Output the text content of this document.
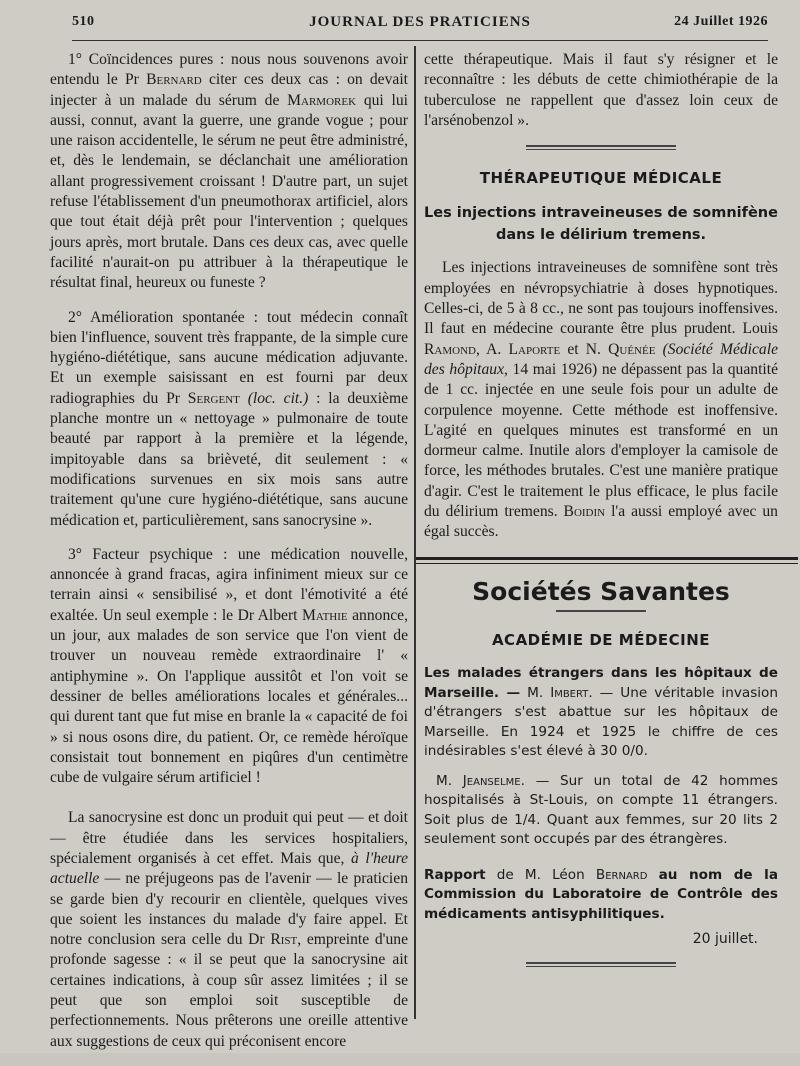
510	JOURNAL DES PRATICIENS	24 Juillet 1926

1° Coïncidences pures : nous nous souvenons avoir entendu le Pr Bernard citer ces deux cas : on devait injecter à un malade du sérum de Marmorek qui lui aussi, connut, avant la guerre, une grande vogue ; pour une raison accidentelle, le sérum ne peut être administré, et, dès le lendemain, se déclanchait une amélioration allant progressivement croissant ! D'autre part, un sujet refuse l'établissement d'un pneumothorax artificiel, alors que tout était déjà prêt pour l'intervention ; quelques jours après, mort brutale. Dans ces deux cas, avec quelle facilité n'aurait-on pu attribuer à la thérapeutique le résultat final, heureux ou funeste ?

2° Amélioration spontanée : tout médecin connaît bien l'influence, souvent très frappante, de la simple cure hygiéno-diététique, sans aucune médication adjuvante. Et un exemple saisissant en est fourni par deux radiographies du Pr Sergent (loc. cit.) : la deuxième planche montre un « nettoyage » pulmonaire de toute beauté par rapport à la première et la légende, impitoyable dans sa brièveté, dit seulement : « modifications survenues en six mois sans autre traitement qu'une cure hygiéno-diététique, sans aucune médication et, particulièrement, sans sanocrysine ».

3° Facteur psychique : une médication nouvelle, annoncée à grand fracas, agira infiniment mieux sur ce terrain ainsi « sensibilisé », et dont l'émotivité a été exaltée. Un seul exemple : le Dr Albert Mathie annonce, un jour, aux malades de son service que l'on vient de trouver un nouveau remède extraordinaire l' « antiphymine ». On l'applique aussitôt et l'on voit se dessiner de belles améliorations locales et générales... qui durent tant que fut mise en branle la « capacité de foi » si nous osons dire, du patient. Or, ce remède héroïque consistait tout bonnement en piqûres d'un centimètre cube de vulgaire sérum artificiel !

La sanocrysine est donc un produit qui peut — et doit — être étudiée dans les services hospitaliers, spécialement organisés à cet effet. Mais que, à l'heure actuelle — ne préjugeons pas de l'avenir — le praticien se garde bien d'y recourir en clientèle, quelques vives que soient les instances du malade d'y faire appel. Et notre conclusion sera celle du Dr Rist, empreinte d'une profonde sagesse : « il se peut que la sanocrysine ait certaines indications, à coup sûr assez limitées ; il se peut que son emploi soit susceptible de perfectionnements. Nous prêterons une oreille attentive aux suggestions de ceux qui préconisent encore

cette thérapeutique. Mais il faut s'y résigner et le reconnaître : les débuts de cette chimiothérapie de la tuberculose ne rappellent que d'assez loin ceux de l'arsénobenzol ».

THÉRAPEUTIQUE MÉDICALE
Les injections intraveineuses de somnifène dans le délirium tremens.

Les injections intraveineuses de somnifène sont très employées en névropsychiatrie à doses hypnotiques. Celles-ci, de 5 à 8 cc., ne sont pas toujours inoffensives. Il faut en médecine courante être plus prudent. Louis Ramond, A. Laporte et N. Quénée (Société Médicale des hôpitaux, 14 mai 1926) ne dépassent pas la quantité de 1 cc. injectée en une seule fois pour un adulte de corpulence moyenne. Cette méthode est inoffensive. L'agité en quelques minutes est transformé en un dormeur calme. Inutile alors d'employer la camisole de force, les méthodes brutales. C'est une manière pratique d'agir. C'est le traitement le plus efficace, le plus facile du délirium tremens. Boidin l'a aussi employé avec un égal succès.

Sociétés Savantes
ACADÉMIE DE MÉDECINE

Les malades étrangers dans les hôpitaux de Marseille. — M. Imbert. — Une véritable invasion d'étrangers s'est abattue sur les hôpitaux de Marseille. En 1924 et 1925 le chiffre de ces indésirables s'est élevé à 30 0/0.

M. Jeanselme. — Sur un total de 42 hommes hospitalisés à St-Louis, on compte 11 étrangers. Soit plus de 1/4. Quant aux femmes, sur 20 lits 2 seulement sont occupés par des étrangères.

Rapport de M. Léon Bernard au nom de la Commission du Laboratoire de Contrôle des médicaments antisyphilitiques.

20 juillet.
